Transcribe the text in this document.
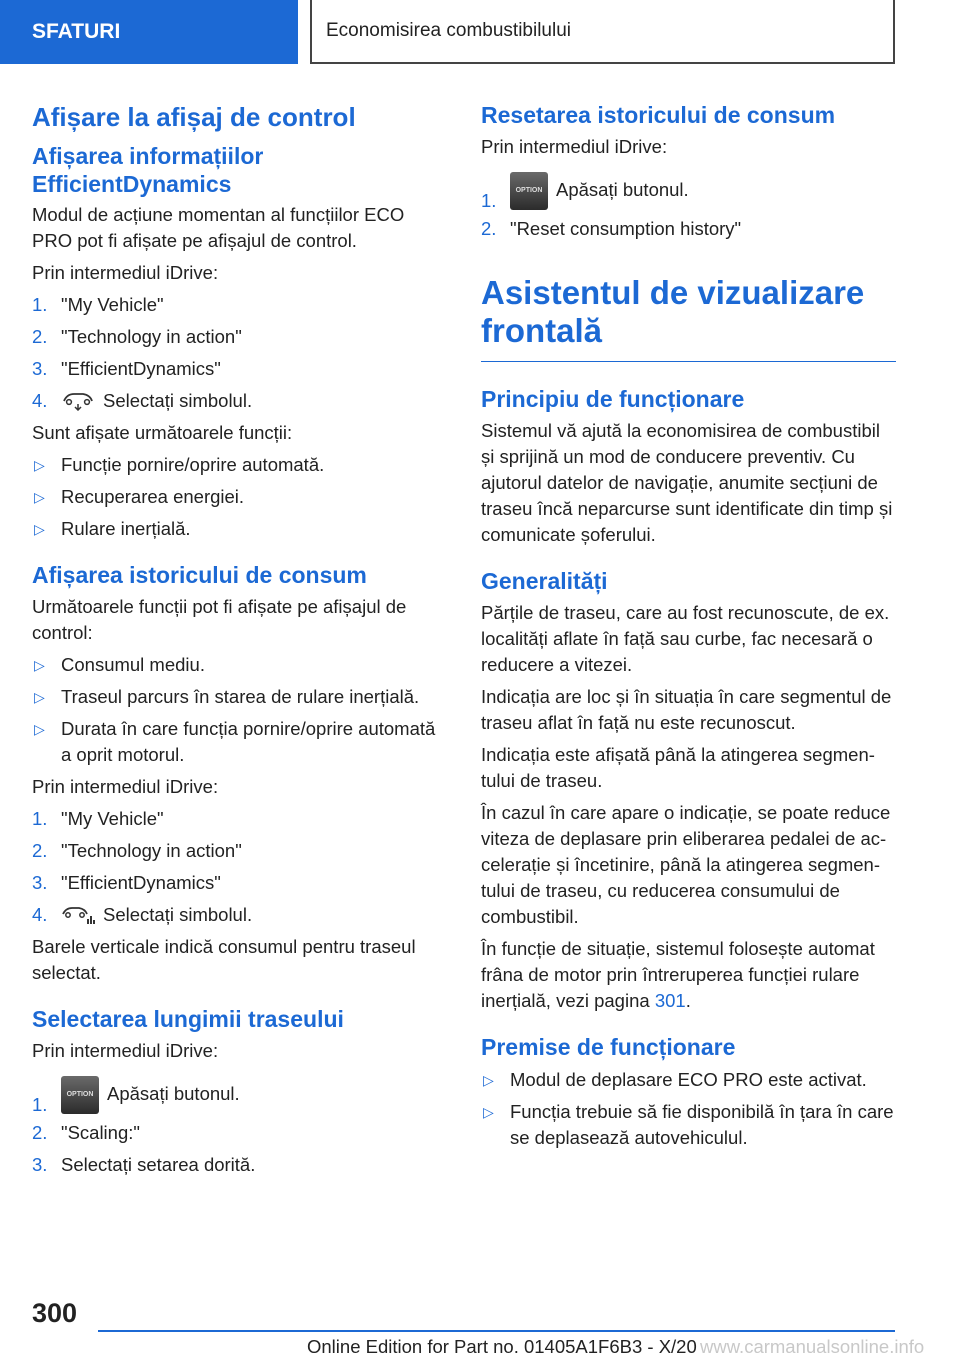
SFATURI	Economisirea combustibilului
Afișare la afișaj de control
Afișarea informațiilor EfficientDynamics

Modul de acțiune momentan al funcțiilor ECO PRO pot fi afișate pe afișajul de control.

Prin intermediul iDrive:

1. "My Vehicle"
2. "Technology in action"
3. "EfficientDynamics"
4.	Selectați simbolul.

Sunt afișate următoarele funcții:

▷ Funcție pornire/oprire automată.
▷ Recuperarea energiei.
▷ Rulare inerțială.
Afișarea istoricului de consum

Următoarele funcții pot fi afișate pe afișajul de control:

▷ Consumul mediu.
▷ Traseul parcurs în starea de rulare inerțială.
▷ Durata în care funcția pornire/oprire automată a oprit motorul.

Prin intermediul iDrive:

1. "My Vehicle"
2. "Technology in action"
3. "EfficientDynamics"
4.	Selectați simbolul.

Barele verticale indică consumul pentru traseul selectat.

Selectarea lungimii traseului

Prin intermediul iDrive:

1.	OPTION Apăsați butonul.
2. "Scaling:"
3. Selectați setarea dorită.
Resetarea istoricului de consum

Prin intermediul iDrive:

1.	OPTION Apăsați butonul.
2. "Reset consumption history"
Asistentul de vizualizare frontală
Principiu de funcționare

Sistemul vă ajută la economisirea de combustibil și sprijină un mod de conducere preventiv. Cu ajutorul datelor de navigație, anumite secțiuni de traseu încă neparcurse sunt identificate din timp și comunicate șoferului.

Generalități

Părțile de traseu, care au fost recunoscute, de ex. localități aflate în față sau curbe, fac necesară o reducere a vitezei.

Indicația are loc și în situația în care segmentul de traseu aflat în față nu este recunoscut.

Indicația este afișată până la atingerea segmentului de traseu.

În cazul în care apare o indicație, se poate reduce viteza de deplasare prin eliberarea pedalei de accelerație și încetinire, până la atingerea segmentului de traseu, cu reducerea consumului de combustibil.

În funcție de situație, sistemul folosește automat frâna de motor prin întreruperea funcției rulare inerțială, vezi pagina 301.

Premise de funcționare
▷ Modul de deplasare ECO PRO este activat.
▷ Funcția trebuie să fie disponibilă în țara în care se deplasează autovehiculul.
300
Online Edition for Part no. 01405A1F6B3 - X/20 www.carmanualsonline.info
